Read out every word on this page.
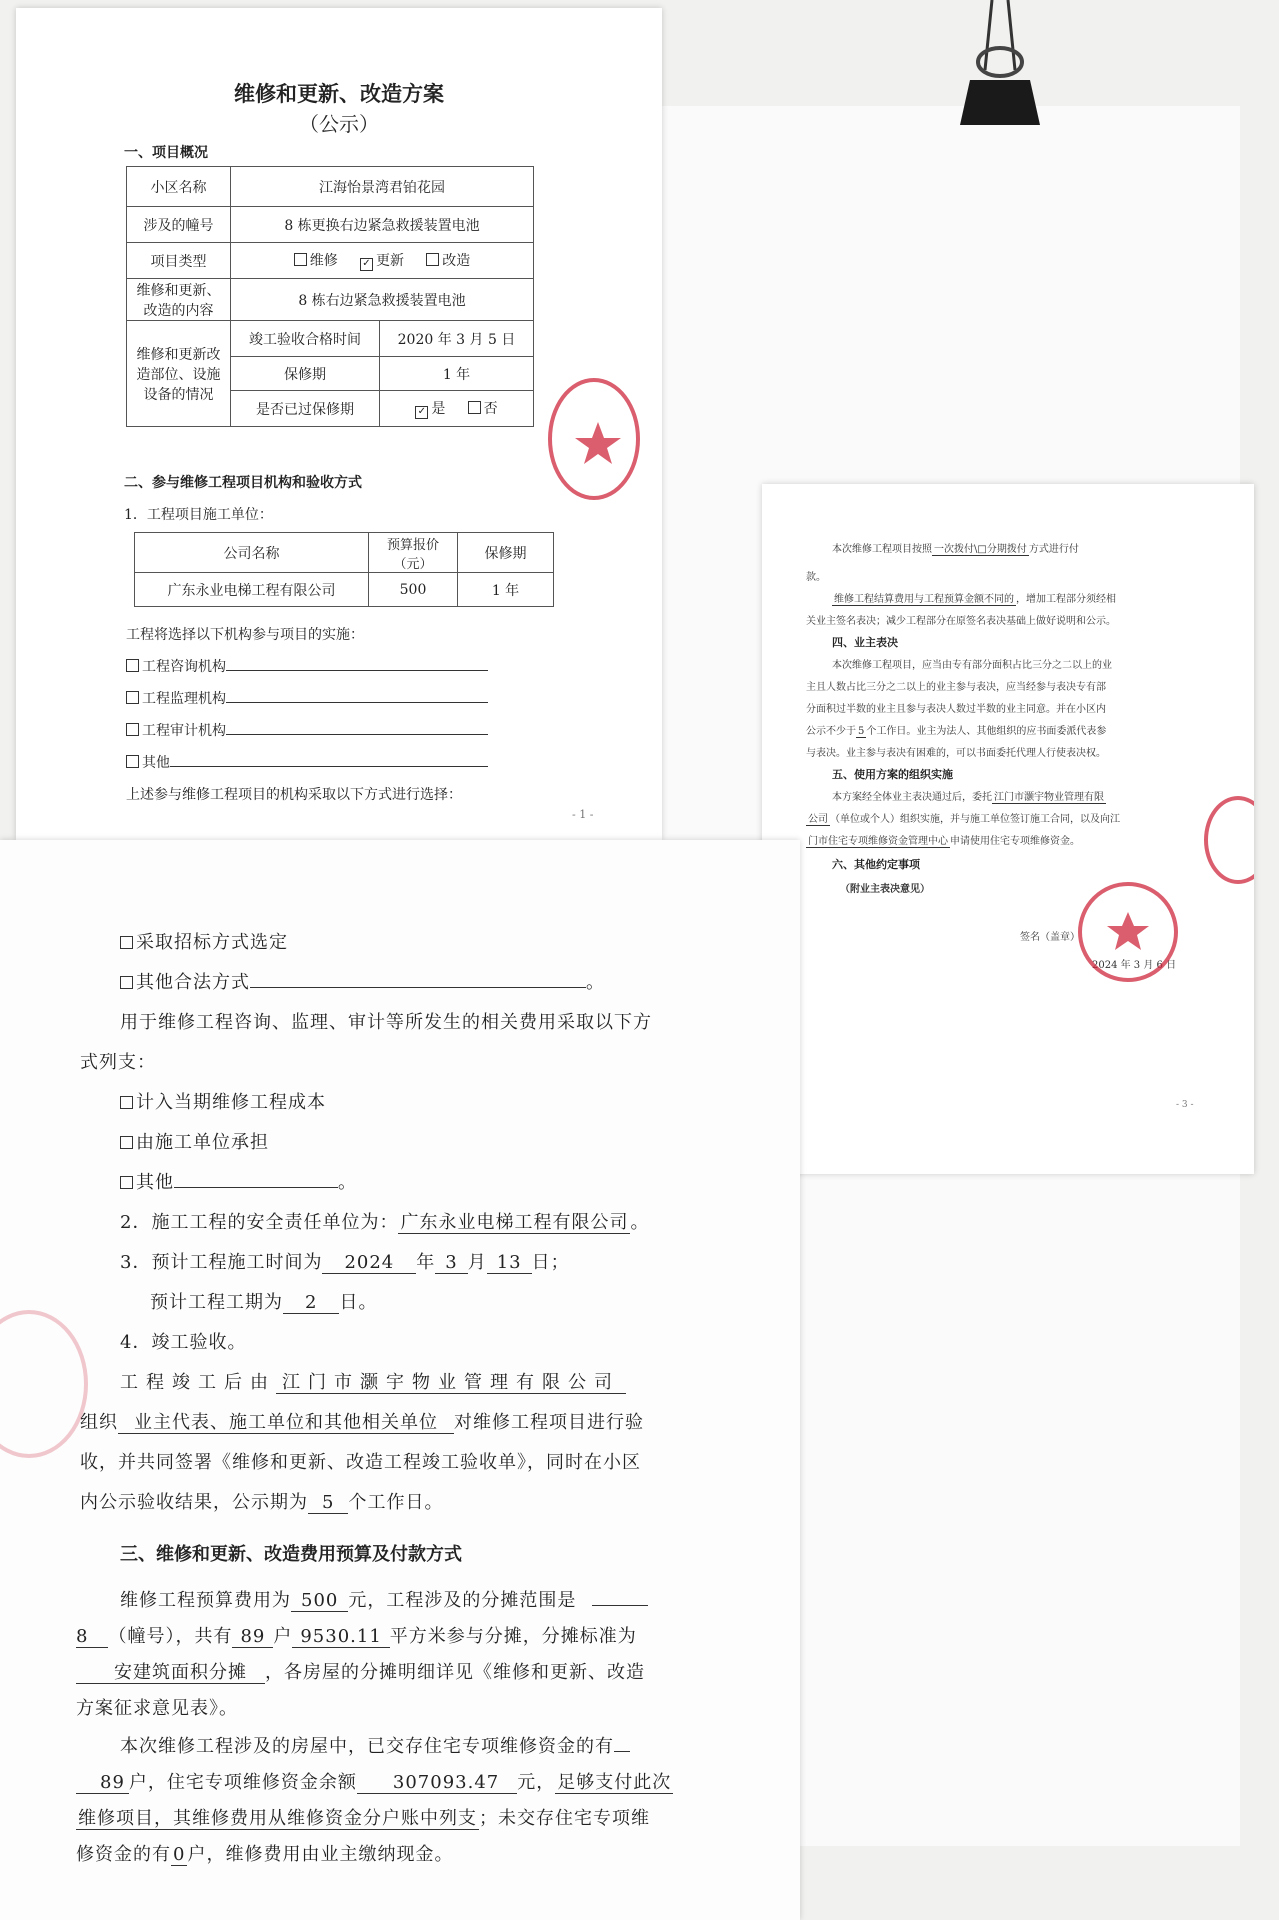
维修和更新、改造方案
（公示）
一、项目概况
小区名称	江海怡景湾君铂花园	
涉及的幢号	8 栋更换右边紧急救援装置电池	
项目类型	维修 ✓ 更新 改造	
维修和更新、改造的内容	8 栋右边紧急救援装置电池	
维修和更新改造部位、设施设备的情况	竣工验收合格时间	2020 年 3 月 5 日
	保修期	1 年
	是否已过保修期	✓ 是 否
二、参与维修工程项目机构和验收方式
1．工程项目施工单位：
公司名称	预算报价（元）	保修期
广东永业电梯工程有限公司	500	1 年
工程将选择以下机构参与项目的实施：
工程咨询机构
工程监理机构
工程审计机构
其他
上述参与维修工程项目的机构采取以下方式进行选择：
- 1 -
本次维修工程项目按照 一次拨付\□分期拨付 方式进行付
款。
维修工程结算费用与工程预算金额不同的 ，增加工程部分须经相
关业主签名表决；减少工程部分在原签名表决基础上做好说明和公示。
四、业主表决
本次维修工程项目，应当由专有部分面积占比三分之二以上的业
主且人数占比三分之二以上的业主参与表决，应当经参与表决专有部
分面积过半数的业主且参与表决人数过半数的业主同意。并在小区内
公示不少于 5 个工作日。业主为法人、其他组织的应书面委派代表参
与表决。业主参与表决有困难的，可以书面委托代理人行使表决权。
五、使用方案的组织实施
本方案经全体业主表决通过后，委托 江门市灏宇物业管理有限
公司 （单位或个人）组织实施，并与施工单位签订施工合同，以及向江
门市住宅专项维修资金管理中心 申请使用住宅专项维修资金。
六、其他约定事项
（附业主表决意见）
签名（盖章）
2024 年 3 月 6 日
- 3 -
采取招标方式选定
其他合法方式	。
用于维修工程咨询、监理、审计等所发生的相关费用采取以下方
式列支：
计入当期维修工程成本
由施工单位承担
其他	。
2．施工工程的安全责任单位为： 广东永业电梯工程有限公司 。
3．预计工程施工时间为 2024 年 3 月 13 日；
预计工程工期为 2 日。
4．竣工验收。
工程竣工后由 江门市灏宇物业管理有限公司
组织 业主代表、施工单位和其他相关单位 对维修工程项目进行验
收，并共同签署《维修和更新、改造工程竣工验收单》，同时在小区
内公示验收结果，公示期为 5 个工作日。
三、维修和更新、改造费用预算及付款方式
维修工程预算费用为 500 元，工程涉及的分摊范围是
8 （幢号），共有 89 户 9530.11 平方米参与分摊，分摊标准为
安建筑面积分摊 ，各房屋的分摊明细详见《维修和更新、改造
方案征求意见表》。
本次维修工程涉及的房屋中，已交存住宅专项维修资金的有
89 户，住宅专项维修资金余额 307093.47 元， 足够支付此次
维修项目，其维修费用从维修资金分户账中列支 ；未交存住宅专项维
修资金的有 0 户，维修费用由业主缴纳现金。
